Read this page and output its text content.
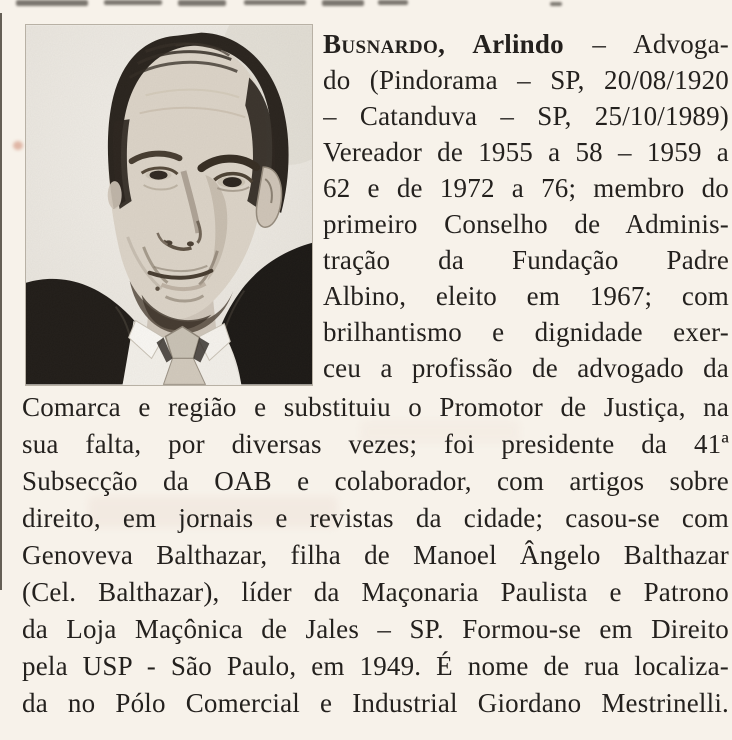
Busnardo, Arlindo – Advoga-
do (Pindorama – SP, 20/08/1920
– Catanduva – SP, 25/10/1989)
Vereador de 1955 a 58 – 1959 a
62 e de 1972 a 76; membro do
primeiro Conselho de Adminis-
tração da Fundação Padre
Albino, eleito em 1967; com
brilhantismo e dignidade exer-
ceu a profissão de advogado da
Comarca e região e substituiu o Promotor de Justiça, na
sua falta, por diversas vezes; foi presidente da 41ª
Subsecção da OAB e colaborador, com artigos sobre
direito, em jornais e revistas da cidade; casou-se com
Genoveva Balthazar, filha de Manoel Ângelo Balthazar
(Cel. Balthazar), líder da Maçonaria Paulista e Patrono
da Loja Maçônica de Jales – SP. Formou-se em Direito
pela USP - São Paulo, em 1949. É nome de rua localiza-
da no Pólo Comercial e Industrial Giordano Mestrinelli.
